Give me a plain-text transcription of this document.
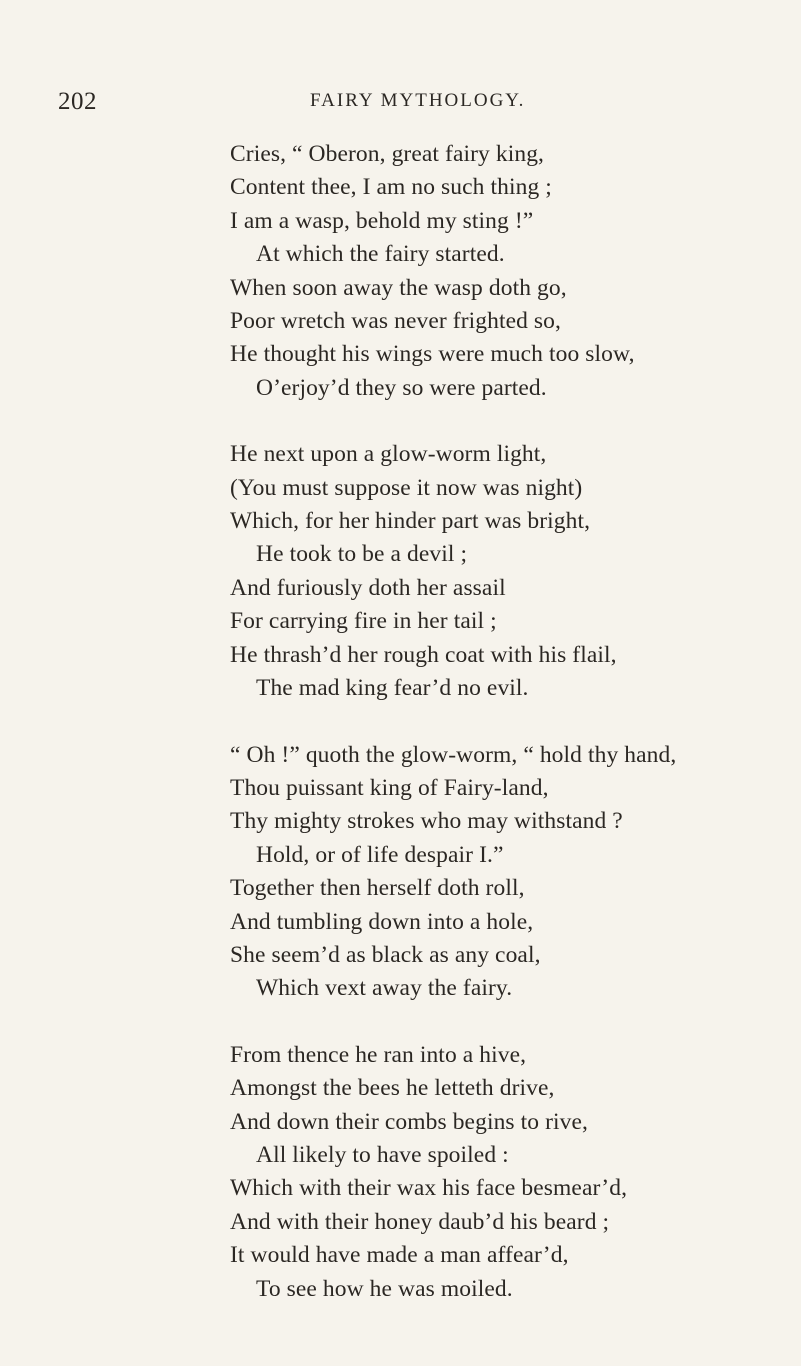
202	FAIRY MYTHOLOGY.
Cries, “ Oberon, great fairy king,
Content thee, I am no such thing ;
I am a wasp, behold my sting !”
At which the fairy started.
When soon away the wasp doth go,
Poor wretch was never frighted so,
He thought his wings were much too slow,
O’erjoy’d they so were parted.
He next upon a glow-worm light,
(You must suppose it now was night)
Which, for her hinder part was bright,
He took to be a devil ;
And furiously doth her assail
For carrying fire in her tail ;
He thrash’d her rough coat with his flail,
The mad king fear’d no evil.
“ Oh !” quoth the glow-worm, “ hold thy hand,
Thou puissant king of Fairy-land,
Thy mighty strokes who may withstand ?
Hold, or of life despair I.”
Together then herself doth roll,
And tumbling down into a hole,
She seem’d as black as any coal,
Which vext away the fairy.
From thence he ran into a hive,
Amongst the bees he letteth drive,
And down their combs begins to rive,
All likely to have spoiled :
Which with their wax his face besmear’d,
And with their honey daub’d his beard ;
It would have made a man affear’d,
To see how he was moiled.
